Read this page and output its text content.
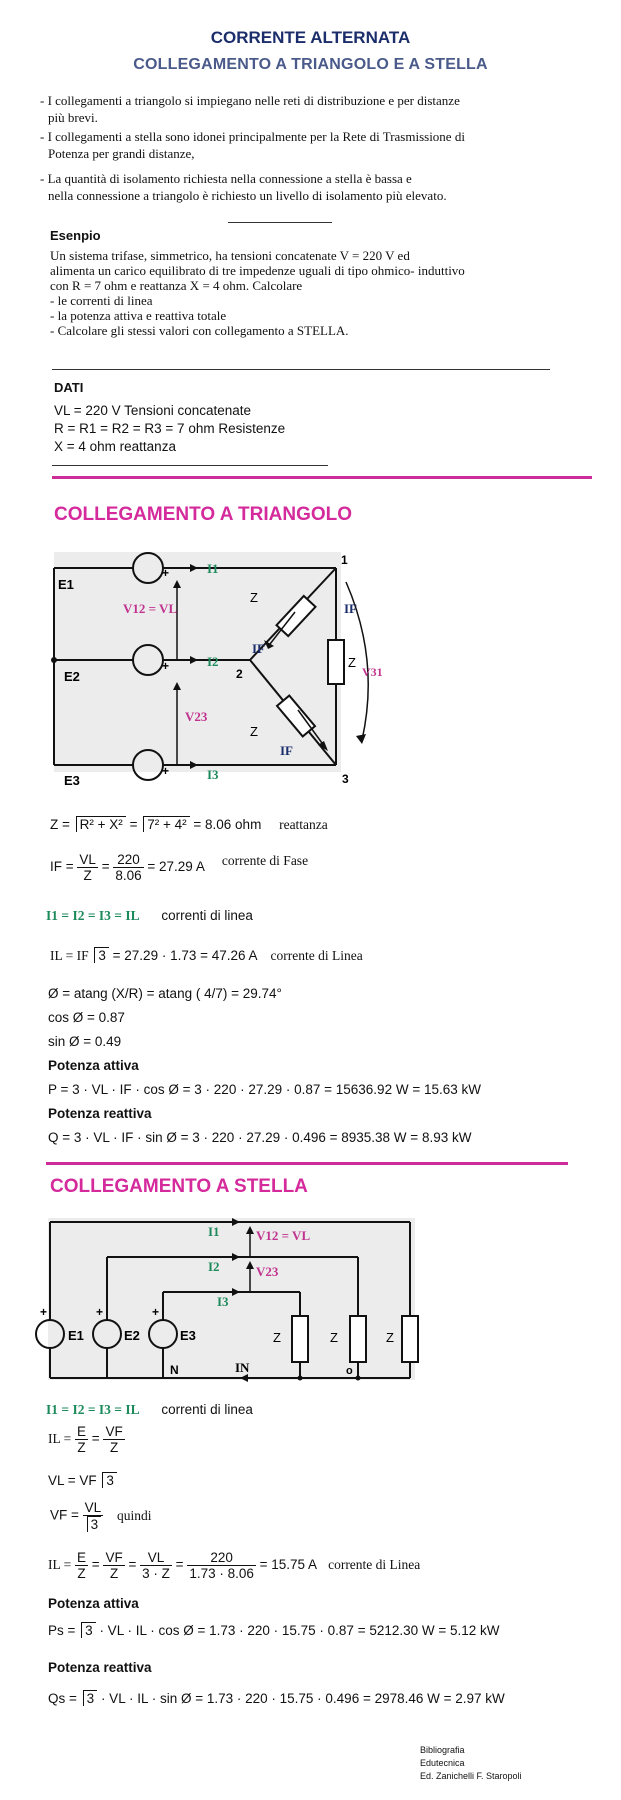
CORRENTE ALTERNATA
COLLEGAMENTO A TRIANGOLO E A STELLA
- I collegamenti a triangolo si impiegano nelle reti di distribuzione e per distanze
più brevi.
- I collegamenti a stella sono idonei principalmente per la Rete di Trasmissione di
Potenza per grandi distanze,
- La quantità di isolamento richiesta nella connessione a stella è bassa e
nella connessione a triangolo è richiesto un livello di isolamento più elevato.
Esenpio
Un sistema trifase, simmetrico, ha tensioni concatenate V = 220 V ed
alimenta un carico equilibrato di tre impedenze uguali di tipo ohmico- induttivo
con R = 7 ohm e reattanza X = 4 ohm. Calcolare
- le correnti di linea
- la potenza attiva e reattiva totale
- Calcolare gli stessi valori con collegamento a STELLA.
DATI
VL = 220 V Tensioni concatenate
R = R1 = R2 = R3 = 7 ohm Resistenze
X = 4 ohm reattanza
COLLEGAMENTO A TRIANGOLO
E1
+
E2
+
E3
+
I1
I2
I3
V12 = VL
V23
V31
IF
IF
IF
Z
Z
Z
1
2
3
Z = R² + X² = 7² + 4² = 8.06 ohm reattanza
IF = $\frac{VL}{Z} = \frac{220}{8.06} = 27.29$ A corrente di Fase
I1 = I2 = I3 = IL correnti di linea
IL = IF 3 = 27.29 · 1.73 = 47.26 A corrente di Linea
Ø = atang (X/R) = atang ( 4/7) = 29.74°
cos Ø = 0.87
sin Ø = 0.49
Potenza attiva
P = 3 · VL · IF · cos Ø = 3 · 220 · 27.29 · 0.87 = 15636.92 W = 15.63 kW
Potenza reattiva
Q = 3 · VL · IF · sin Ø = 3 · 220 · 27.29 · 0.496 = 8935.38 W = 8.93 kW
COLLEGAMENTO A STELLA
+	+	+
E1	E2	E3
I1
I2
I3
V12 = VL
V23
Z	Z	Z
N	IN	o
I1 = I2 = I3 = IL correnti di linea
IL = $\frac{E}{Z} = \frac{VF}{Z}$
VL = VF 3
VF = $\frac{VL}{3}$ quindi
IL = $\frac{E}{Z} = \frac{VF}{Z} = \frac{VL}{3 \cdot Z} = \frac{220}{1.73 \cdot 8.06} = 15.75$ A corrente di Linea
Potenza attiva
Ps = 3 · VL · IL · cos Ø = 1.73 · 220 · 15.75 · 0.87 = 5212.30 W = 5.12 kW
Potenza reattiva
Qs = 3 · VL · IL · sin Ø = 1.73 · 220 · 15.75 · 0.496 = 2978.46 W = 2.97 kW
Bibliografia
Edutecnica
Ed. Zanichelli F. Staropoli
